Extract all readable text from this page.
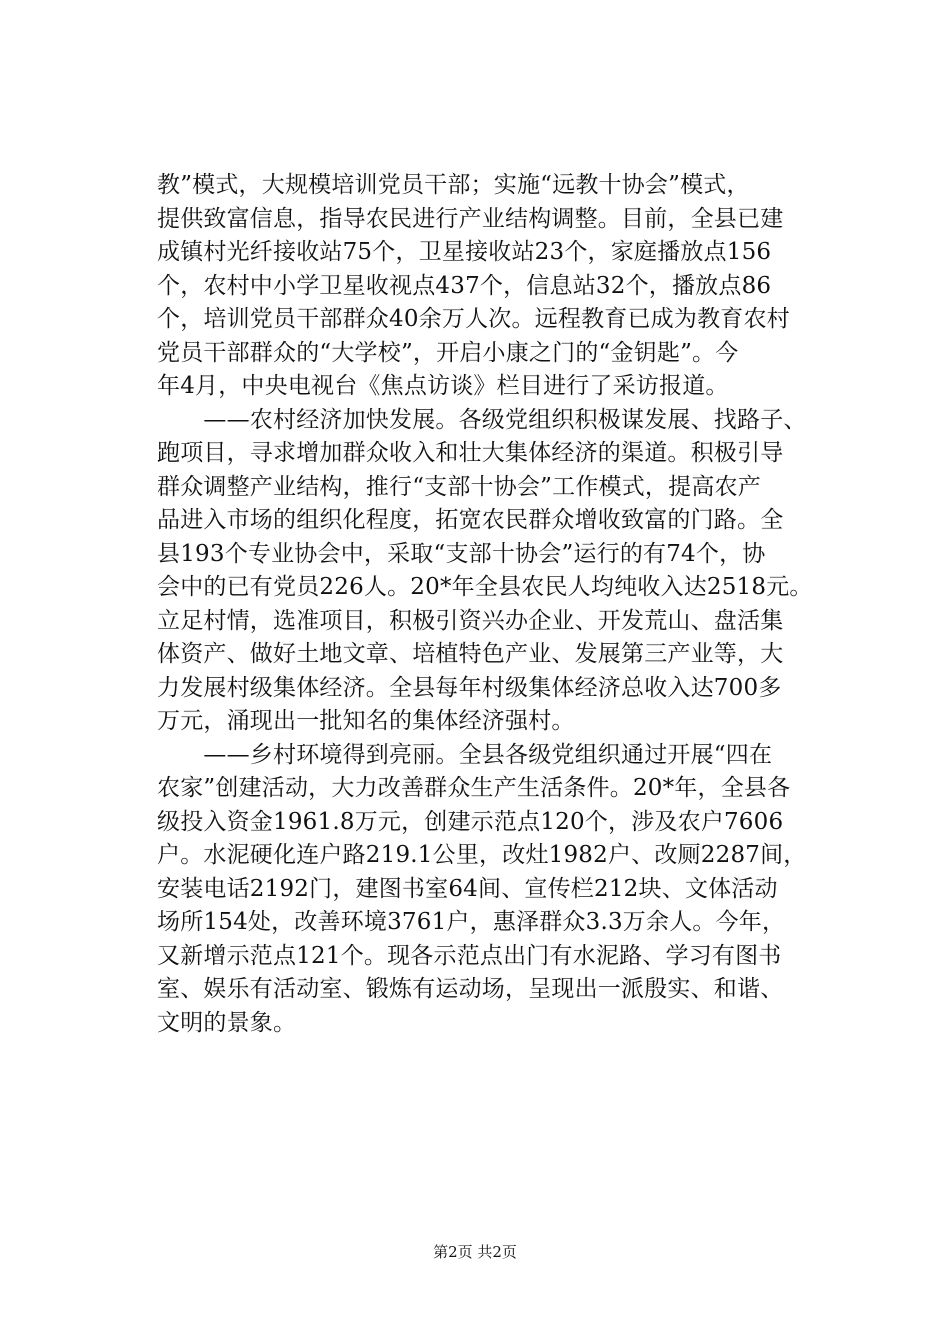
教”模式，大规模培训党员干部；实施“远教十协会”模式，
提供致富信息，指导农民进行产业结构调整。目前，全县已建
成镇村光纤接收站75个，卫星接收站23个，家庭播放点156
个，农村中小学卫星收视点437个，信息站32个，播放点86
个，培训党员干部群众40余万人次。远程教育已成为教育农村
党员干部群众的“大学校”，开启小康之门的“金钥匙”。今
年4月，中央电视台《焦点访谈》栏目进行了采访报道。
　　——农村经济加快发展。各级党组织积极谋发展、找路子、
跑项目，寻求增加群众收入和壮大集体经济的渠道。积极引导
群众调整产业结构，推行“支部十协会”工作模式，提高农产
品进入市场的组织化程度，拓宽农民群众增收致富的门路。全
县193个专业协会中，采取“支部十协会”运行的有74个，协
会中的已有党员226人。20*年全县农民人均纯收入达2518元。
立足村情，选准项目，积极引资兴办企业、开发荒山、盘活集
体资产、做好土地文章、培植特色产业、发展第三产业等，大
力发展村级集体经济。全县每年村级集体经济总收入达700多
万元，涌现出一批知名的集体经济强村。
　　——乡村环境得到亮丽。全县各级党组织通过开展“四在
农家”创建活动，大力改善群众生产生活条件。20*年，全县各
级投入资金1961.8万元，创建示范点120个，涉及农户7606
户。水泥硬化连户路219.1公里，改灶1982户、改厕2287间，
安装电话2192门，建图书室64间、宣传栏212块、文体活动
场所154处，改善环境3761户，惠泽群众3.3万余人。今年，
又新增示范点121个。现各示范点出门有水泥路、学习有图书
室、娱乐有活动室、锻炼有运动场，呈现出一派殷实、和谐、
文明的景象。
第2页 共2页
